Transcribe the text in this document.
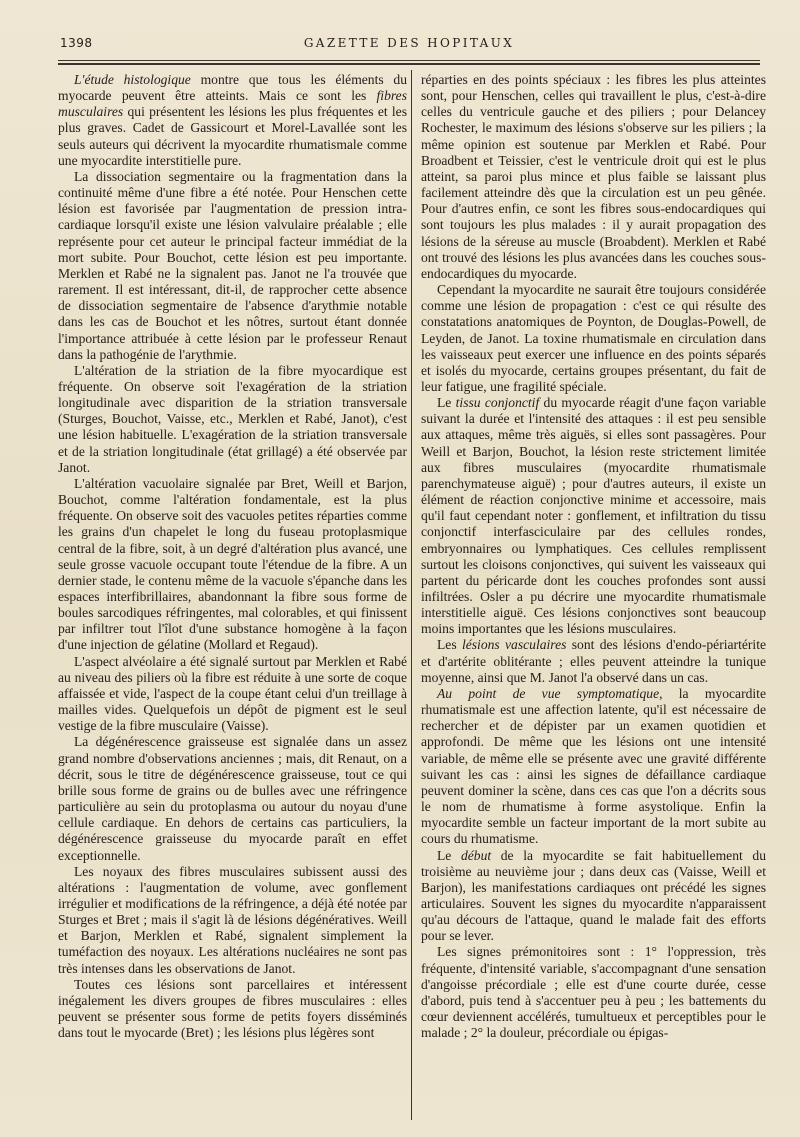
1398	GAZETTE DES HOPITAUX

L'étude histologique montre que tous les éléments du myocarde peuvent être atteints. Mais ce sont les fibres musculaires qui présentent les lésions les plus fréquentes et les plus graves. Cadet de Gassicourt et Morel-Lavallée sont les seuls auteurs qui décrivent la myocardite rhumatismale comme une myocardite interstitielle pure.

La dissociation segmentaire ou la fragmentation dans la continuité même d'une fibre a été notée. Pour Henschen cette lésion est favorisée par l'augmentation de pression intra-cardiaque lorsqu'il existe une lésion valvulaire préalable ; elle représente pour cet auteur le principal facteur immédiat de la mort subite. Pour Bouchot, cette lésion est peu importante. Merklen et Rabé ne la signalent pas. Janot ne l'a trouvée que rarement. Il est intéressant, dit-il, de rapprocher cette absence de dissociation segmentaire de l'absence d'arythmie notable dans les cas de Bouchot et les nôtres, surtout étant donnée l'importance attribuée à cette lésion par le professeur Renaut dans la pathogénie de l'arythmie.

L'altération de la striation de la fibre myocardique est fréquente. On observe soit l'exagération de la striation longitudinale avec disparition de la striation transversale (Sturges, Bouchot, Vaisse, etc., Merklen et Rabé, Janot), c'est une lésion habituelle. L'exagération de la striation transversale et de la striation longitudinale (état grillagé) a été observée par Janot.

L'altération vacuolaire signalée par Bret, Weill et Barjon, Bouchot, comme l'altération fondamentale, est la plus fréquente. On observe soit des vacuoles petites réparties comme les grains d'un chapelet le long du fuseau protoplasmique central de la fibre, soit, à un degré d'altération plus avancé, une seule grosse vacuole occupant toute l'étendue de la fibre. A un dernier stade, le contenu même de la vacuole s'épanche dans les espaces interfibrillaires, abandonnant la fibre sous forme de boules sarcodiques réfringentes, mal colorables, et qui finissent par infiltrer tout l'îlot d'une substance homogène à la façon d'une injection de gélatine (Mollard et Regaud).

L'aspect alvéolaire a été signalé surtout par Merklen et Rabé au niveau des piliers où la fibre est réduite à une sorte de coque affaissée et vide, l'aspect de la coupe étant celui d'un treillage à mailles vides. Quelquefois un dépôt de pigment est le seul vestige de la fibre musculaire (Vaisse).

La dégénérescence graisseuse est signalée dans un assez grand nombre d'observations anciennes ; mais, dit Renaut, on a décrit, sous le titre de dégénérescence graisseuse, tout ce qui brille sous forme de grains ou de bulles avec une réfringence particulière au sein du protoplasma ou autour du noyau d'une cellule cardiaque. En dehors de certains cas particuliers, la dégénérescence graisseuse du myocarde paraît en effet exceptionnelle.

Les noyaux des fibres musculaires subissent aussi des altérations : l'augmentation de volume, avec gonflement irrégulier et modifications de la réfringence, a déjà été notée par Sturges et Bret ; mais il s'agit là de lésions dégénératives. Weill et Barjon, Merklen et Rabé, signalent simplement la tuméfaction des noyaux. Les altérations nucléaires ne sont pas très intenses dans les observations de Janot.

Toutes ces lésions sont parcellaires et intéressent inégalement les divers groupes de fibres musculaires : elles peuvent se présenter sous forme de petits foyers disséminés dans tout le myocarde (Bret) ; les lésions plus légères sont

réparties en des points spéciaux : les fibres les plus atteintes sont, pour Henschen, celles qui travaillent le plus, c'est-à-dire celles du ventricule gauche et des piliers ; pour Delancey Rochester, le maximum des lésions s'observe sur les piliers ; la même opinion est soutenue par Merklen et Rabé. Pour Broadbent et Teissier, c'est le ventricule droit qui est le plus atteint, sa paroi plus mince et plus faible se laissant plus facilement atteindre dès que la circulation est un peu gênée. Pour d'autres enfin, ce sont les fibres sous-endocardiques qui sont toujours les plus malades : il y aurait propagation des lésions de la séreuse au muscle (Broabdent). Merklen et Rabé ont trouvé des lésions les plus avancées dans les couches sous-endocardiques du myocarde.

Cependant la myocardite ne saurait être toujours considérée comme une lésion de propagation : c'est ce qui résulte des constatations anatomiques de Poynton, de Douglas-Powell, de Leyden, de Janot. La toxine rhumatismale en circulation dans les vaisseaux peut exercer une influence en des points séparés et isolés du myocarde, certains groupes présentant, du fait de leur fatigue, une fragilité spéciale.

Le tissu conjonctif du myocarde réagit d'une façon variable suivant la durée et l'intensité des attaques : il est peu sensible aux attaques, même très aiguës, si elles sont passagères. Pour Weill et Barjon, Bouchot, la lésion reste strictement limitée aux fibres musculaires (myocardite rhumatismale parenchymateuse aiguë) ; pour d'autres auteurs, il existe un élément de réaction conjonctive minime et accessoire, mais qu'il faut cependant noter : gonflement, et infiltration du tissu conjonctif interfasciculaire par des cellules rondes, embryonnaires ou lymphatiques. Ces cellules remplissent surtout les cloisons conjonctives, qui suivent les vaisseaux qui partent du péricarde dont les couches profondes sont aussi infiltrées. Osler a pu décrire une myocardite rhumatismale interstitielle aiguë. Ces lésions conjonctives sont beaucoup moins importantes que les lésions musculaires.

Les lésions vasculaires sont des lésions d'endo-périartérite et d'artérite oblitérante ; elles peuvent atteindre la tunique moyenne, ainsi que M. Janot l'a observé dans un cas.

Au point de vue symptomatique, la myocardite rhumatismale est une affection latente, qu'il est nécessaire de rechercher et de dépister par un examen quotidien et approfondi. De même que les lésions ont une intensité variable, de même elle se présente avec une gravité différente suivant les cas : ainsi les signes de défaillance cardiaque peuvent dominer la scène, dans ces cas que l'on a décrits sous le nom de rhumatisme à forme asystolique. Enfin la myocardite semble un facteur important de la mort subite au cours du rhumatisme.

Le début de la myocardite se fait habituellement du troisième au neuvième jour ; dans deux cas (Vaisse, Weill et Barjon), les manifestations cardiaques ont précédé les signes articulaires. Souvent les signes du myocardite n'apparaissent qu'au décours de l'attaque, quand le malade fait des efforts pour se lever.

Les signes prémonitoires sont : 1° l'oppression, très fréquente, d'intensité variable, s'accompagnant d'une sensation d'angoisse précordiale ; elle est d'une courte durée, cesse d'abord, puis tend à s'accentuer peu à peu ; les battements du cœur deviennent accélérés, tumultueux et perceptibles pour le malade ; 2° la douleur, précordiale ou épigas-
